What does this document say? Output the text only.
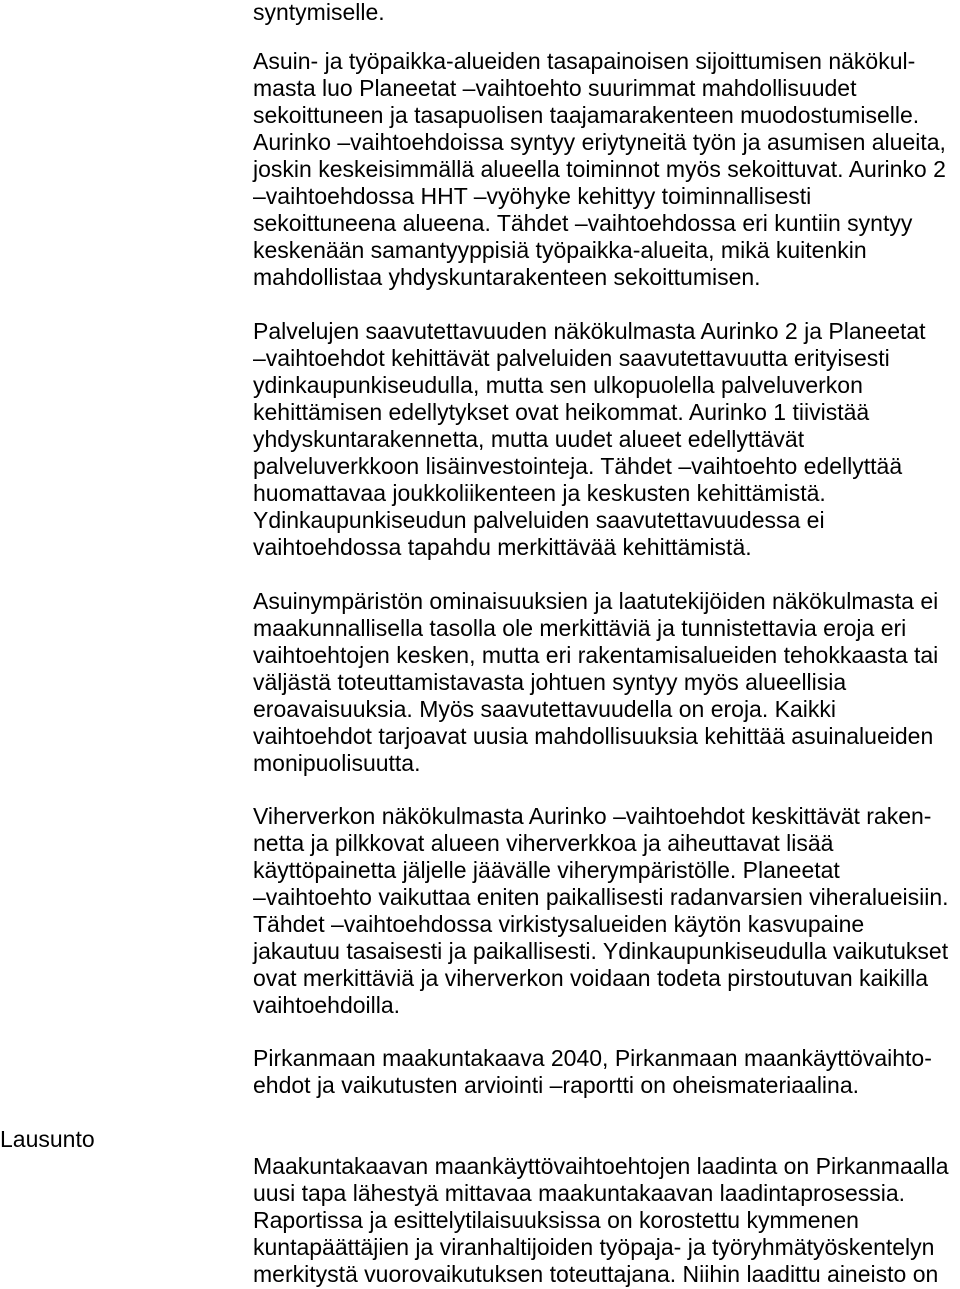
syntymiselle.
Asuin- ja työpaikka-alueiden tasapainoisen sijoittumisen näkökul-
masta luo Planeetat –vaihtoehto suurimmat mahdollisuudet
sekoittuneen ja tasapuolisen taajamarakenteen muodostumiselle.
Aurinko –vaihtoehdoissa syntyy eriytyneitä työn ja asumisen alueita,
joskin keskeisimmällä alueella toiminnot myös sekoittuvat. Aurinko 2
–vaihtoehdossa HHT –vyöhyke kehittyy toiminnallisesti
sekoittuneena alueena. Tähdet –vaihtoehdossa eri kuntiin syntyy
keskenään samantyyppisiä työpaikka-alueita, mikä kuitenkin
mahdollistaa yhdyskuntarakenteen sekoittumisen.
Palvelujen saavutettavuuden näkökulmasta Aurinko 2 ja Planeetat
–vaihtoehdot kehittävät palveluiden saavutettavuutta erityisesti
ydinkaupunkiseudulla, mutta sen ulkopuolella palveluverkon
kehittämisen edellytykset ovat heikommat. Aurinko 1 tiivistää
yhdyskuntarakennetta, mutta uudet alueet edellyttävät
palveluverkkoon lisäinvestointeja. Tähdet –vaihtoehto edellyttää
huomattavaa joukkoliikenteen ja keskusten kehittämistä.
Ydinkaupunkiseudun palveluiden saavutettavuudessa ei
vaihtoehdossa tapahdu merkittävää kehittämistä.
Asuinympäristön ominaisuuksien ja laatutekijöiden näkökulmasta ei
maakunnallisella tasolla ole merkittäviä ja tunnistettavia eroja eri
vaihtoehtojen kesken, mutta eri rakentamisalueiden tehokkaasta tai
väljästä toteuttamistavasta johtuen syntyy myös alueellisia
eroavaisuuksia. Myös saavutettavuudella on eroja. Kaikki
vaihtoehdot tarjoavat uusia mahdollisuuksia kehittää asuinalueiden
monipuolisuutta.
Viherverkon näkökulmasta Aurinko –vaihtoehdot keskittävät raken-
netta ja pilkkovat alueen viherverkkoa ja aiheuttavat lisää
käyttöpainetta jäljelle jäävälle viherympäristölle. Planeetat
–vaihtoehto vaikuttaa eniten paikallisesti radanvarsien viheralueisiin.
Tähdet –vaihtoehdossa virkistysalueiden käytön kasvupaine
jakautuu tasaisesti ja paikallisesti. Ydinkaupunkiseudulla vaikutukset
ovat merkittäviä ja viherverkon voidaan todeta pirstoutuvan kaikilla
vaihtoehdoilla.
Pirkanmaan maakuntakaava 2040, Pirkanmaan maankäyttövaihto-
ehdot ja vaikutusten arviointi –raportti on oheismateriaalina.
Lausunto
Maakuntakaavan maankäyttövaihtoehtojen laadinta on Pirkanmaalla
uusi tapa lähestyä mittavaa maakuntakaavan laadintaprosessia.
Raportissa ja esittelytilaisuuksissa on korostettu kymmenen
kuntapäättäjien ja viranhaltijoiden työpaja- ja työryhmätyöskentelyn
merkitystä vuorovaikutuksen toteuttajana. Niihin laadittu aineisto on
